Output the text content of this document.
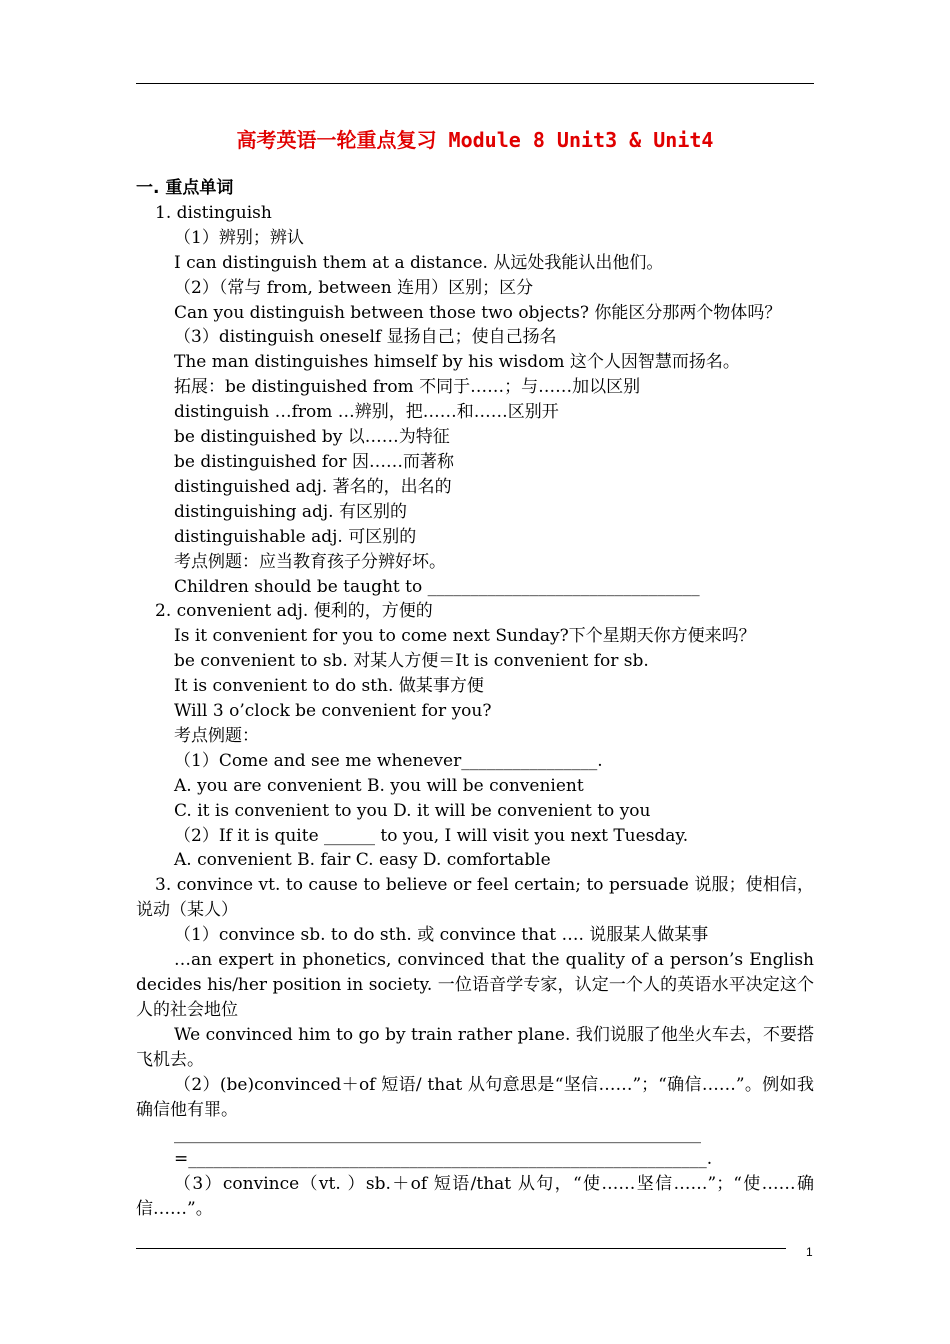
高考英语一轮重点复习 Module 8 Unit3 & Unit4
一. 重点单词
1. distinguish
（1）辨别；辨认
I can distinguish them at a distance. 从远处我能认出他们。
（2）（常与 from, between 连用）区别；区分
Can you distinguish between those two objects? 你能区分那两个物体吗？
（3）distinguish oneself 显扬自己；使自己扬名
The man distinguishes himself by his wisdom 这个人因智慧而扬名。
拓展：be distinguished from 不同于……；与……加以区别
distinguish …from …辨别，把……和……区别开
be distinguished by 以……为特征
be distinguished for 因……而著称
distinguished adj. 著名的，出名的
distinguishing adj. 有区别的
distinguishable adj. 可区别的
考点例题：应当教育孩子分辨好坏。
Children should be taught to ________________________________
2. convenient adj. 便利的，方便的
Is it convenient for you to come next Sunday?下个星期天你方便来吗？
be convenient to sb. 对某人方便＝It is convenient for sb.
It is convenient to do sth. 做某事方便
Will 3 o’clock be convenient for you?
考点例题：
（1）Come and see me whenever________________.
A. you are convenient B. you will be convenient
C. it is convenient to you D. it will be convenient to you
（2）If it is quite ______ to you, I will visit you next Tuesday.
A. convenient B. fair C. easy D. comfortable
3. convince vt. to cause to believe or feel certain; to persuade 说服；使相信，说动（某人）
（1）convince sb. to do sth. 或 convince that …. 说服某人做某事
…an expert in phonetics, convinced that the quality of a person’s English decides his/her position in society. 一位语音学专家，认定一个人的英语水平决定这个人的社会地位
We convinced him to go by train rather plane. 我们说服了他坐火车去，不要搭飞机去。
（2）(be)convinced＋of 短语/ that 从句意思是“坚信……”；“确信……”。例如我确信他有罪。
______________________________________________________________
=_____________________________________________________________.
（3）convince（vt. ）sb.＋of 短语/that 从句，“使……坚信……”；“使……确信……”。
1
